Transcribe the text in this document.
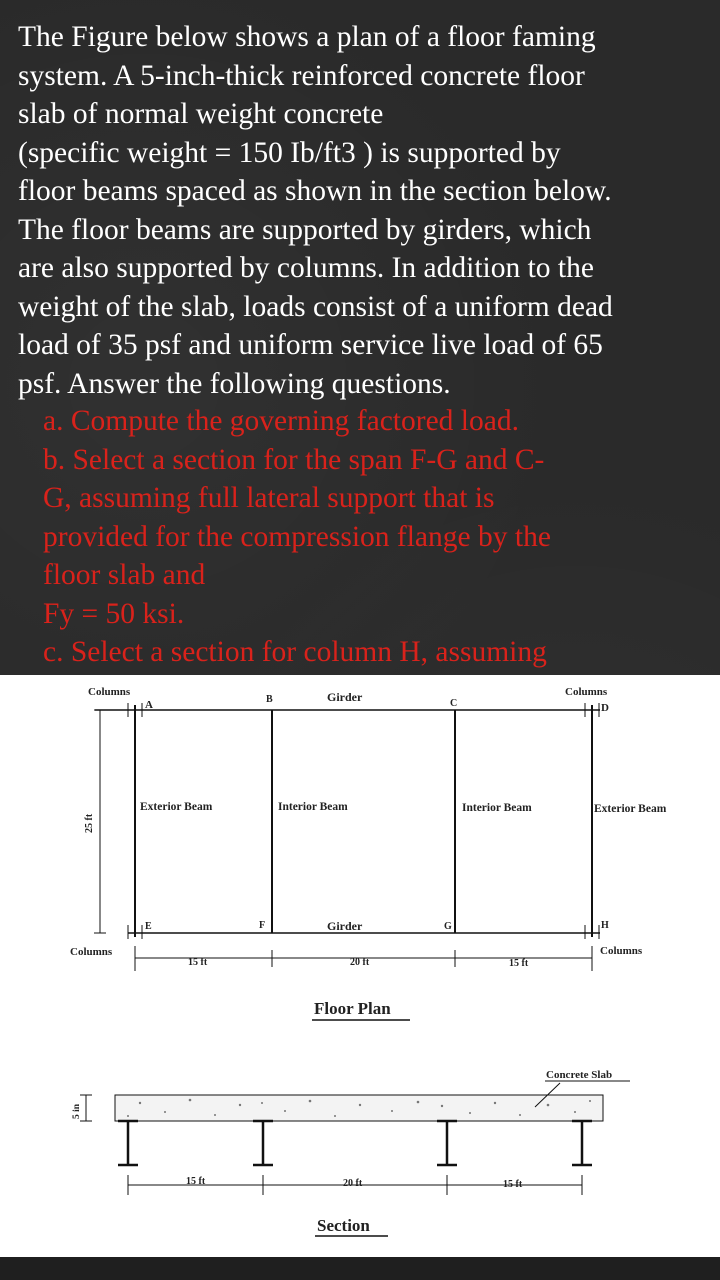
The Figure below shows a plan of a floor faming

system. A 5-inch-thick reinforced concrete floor

slab of normal weight concrete

(specific weight = 150 Ib/ft3 ) is supported by

floor beams spaced as shown in the section below.

The floor beams are supported by girders, which

are also supported by columns. In addition to the

weight of the slab, loads consist of a uniform dead

load of 35 psf and uniform service live load of 65

psf. Answer the following questions.

a. Compute the governing factored load.

b. Select a section for the span F-G and C-

G, assuming full lateral support that is

provided for the compression flange by the

floor slab and

Fy = 50 ksi.

c. Select a section for column H, assuming

Columns	Columns
Columns	Columns
Girder
Girder
A	B	C	D
E	F	G	H
Exterior Beam	Interior Beam	Interior Beam	Exterior Beam
25 ft
15 ft	20 ft	15 ft
Floor Plan
Concrete Slab
5 in
15 ft	20 ft	15 ft
Section
